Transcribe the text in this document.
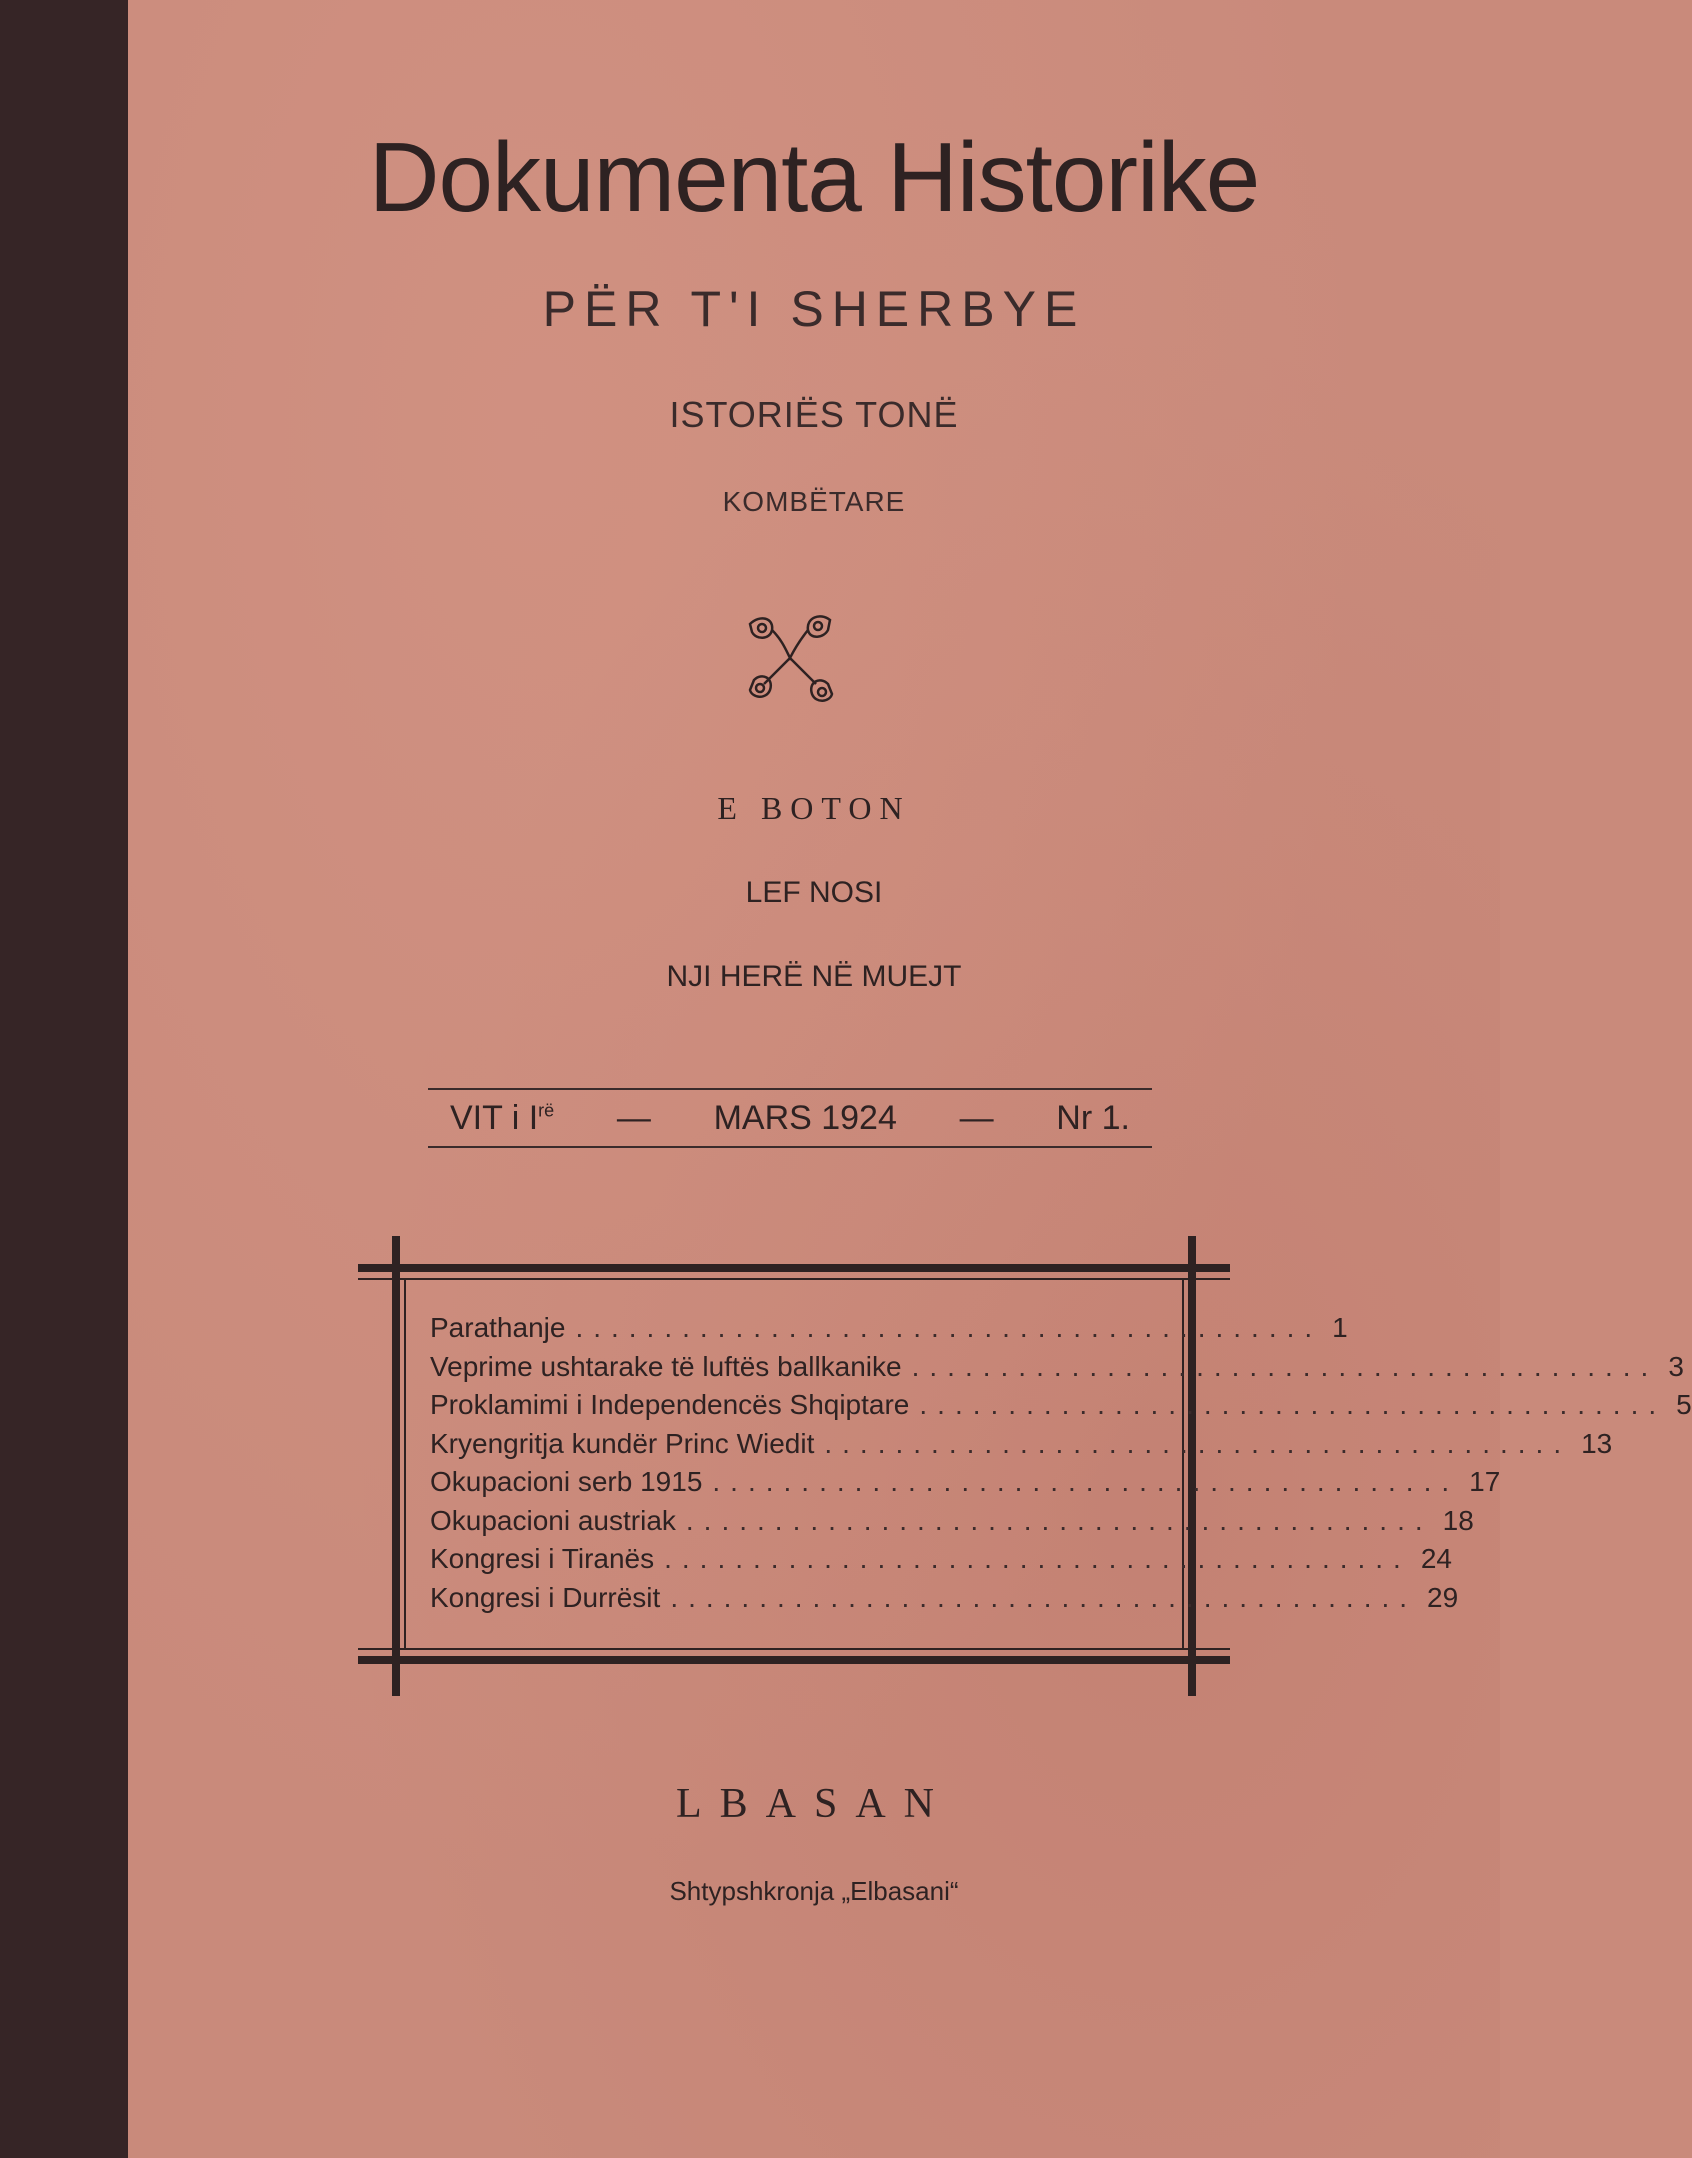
Dokumenta Historike
PËR T'I SHERBYE
ISTORIËS TONË
KOMBËTARE
E BOTON
LEF NOSI
NJI HERË NË MUEJT
VIT i $I^{rë}$ — MARS 1924 — Nr 1.
Parathanje .......................................... 1
Veprime ushtarake të luftës ballkanike .......................................... 3
Proklamimi i Independencës Shqiptare .......................................... 5
Kryengritja kundër Princ Wiedit .......................................... 13
Okupacioni serb 1915 .......................................... 17
Okupacioni austriak .......................................... 18
Kongresi i Tiranës .......................................... 24
Kongresi i Durrësit .......................................... 29
LBASAN
Shtypshkronja „Elbasani“
